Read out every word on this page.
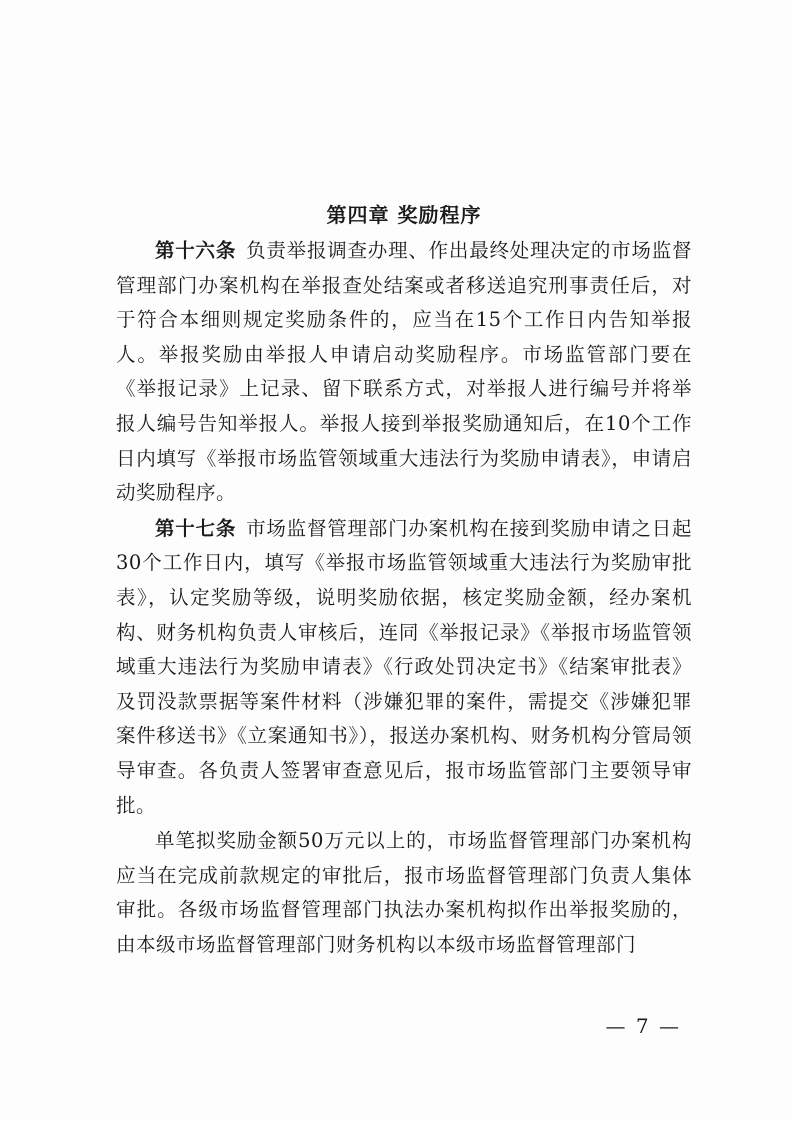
第四章 奖励程序

第十六条 负责举报调查办理、作出最终处理决定的市场监督管理部门办案机构在举报查处结案或者移送追究刑事责任后，对于符合本细则规定奖励条件的，应当在15个工作日内告知举报人。举报奖励由举报人申请启动奖励程序。市场监管部门要在《举报记录》上记录、留下联系方式，对举报人进行编号并将举报人编号告知举报人。举报人接到举报奖励通知后，在10个工作日内填写《举报市场监管领域重大违法行为奖励申请表》，申请启动奖励程序。

第十七条 市场监督管理部门办案机构在接到奖励申请之日起30个工作日内，填写《举报市场监管领域重大违法行为奖励审批表》，认定奖励等级，说明奖励依据，核定奖励金额，经办案机构、财务机构负责人审核后，连同《举报记录》《举报市场监管领域重大违法行为奖励申请表》《行政处罚决定书》《结案审批表》及罚没款票据等案件材料（涉嫌犯罪的案件，需提交《涉嫌犯罪案件移送书》《立案通知书》），报送办案机构、财务机构分管局领导审查。各负责人签署审查意见后，报市场监管部门主要领导审批。

单笔拟奖励金额50万元以上的，市场监督管理部门办案机构应当在完成前款规定的审批后，报市场监督管理部门负责人集体审批。各级市场监督管理部门执法办案机构拟作出举报奖励的，由本级市场监督管理部门财务机构以本级市场监督管理部门

— 7 —
